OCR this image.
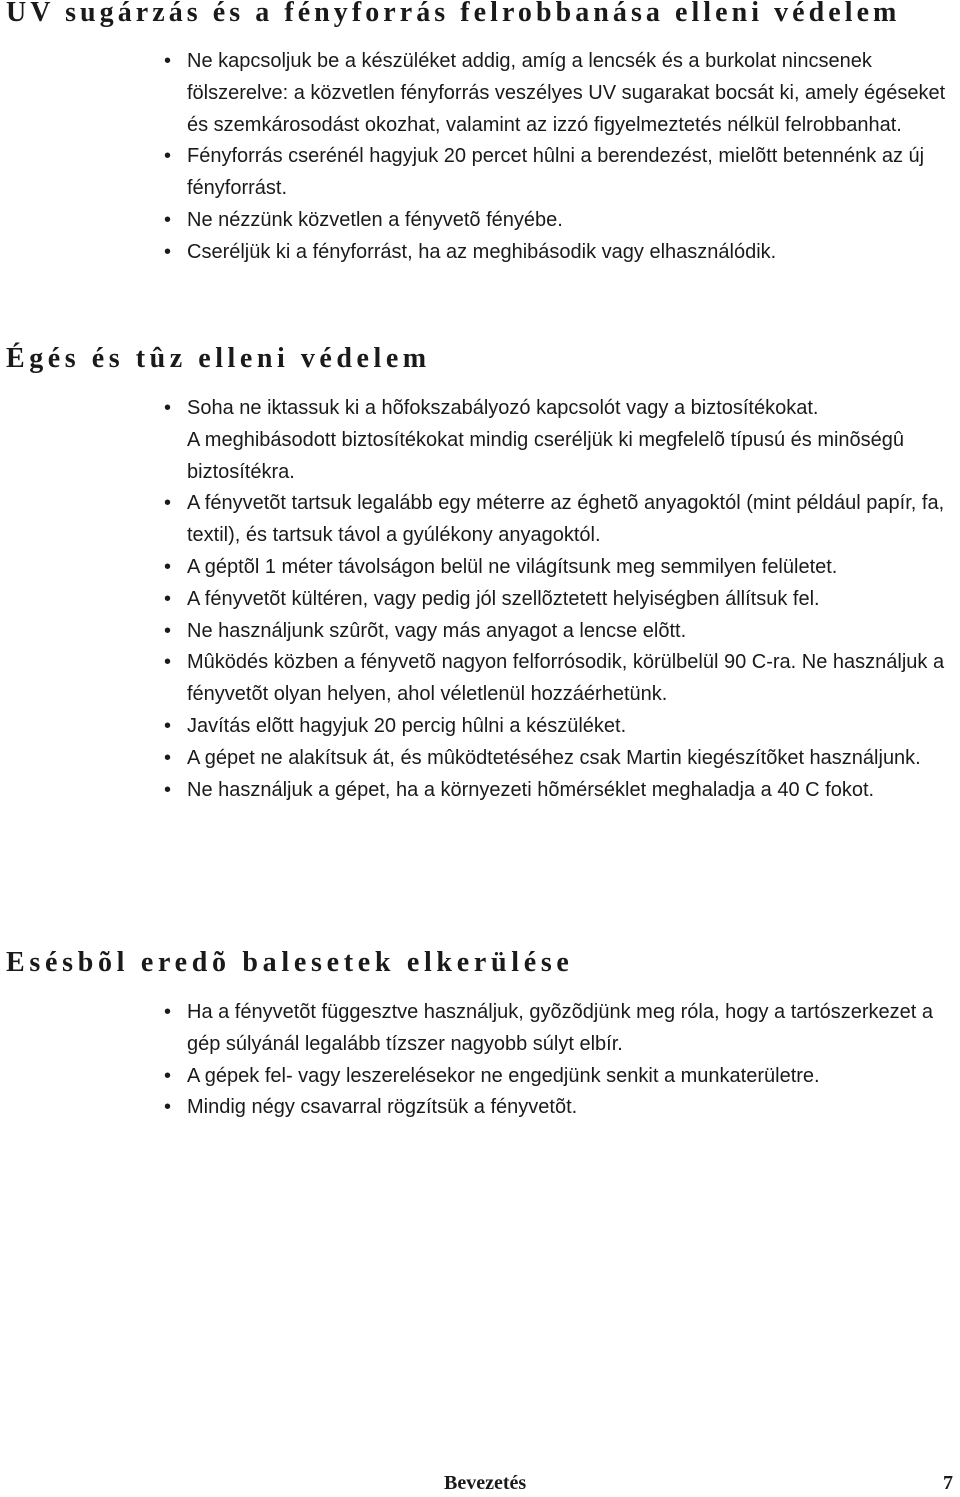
UV sugárzás és a fényforrás felrobbanása elleni védelem
• Ne kapcsoljuk be a készüléket addig, amíg a lencsék és a burkolat nincsenek fölszerelve: a közvetlen fényforrás veszélyes UV sugarakat bocsát ki, amely égéseket és szemkárosodást okozhat, valamint az izzó figyelmeztetés nélkül felrobbanhat.
• Fényforrás cserénél hagyjuk 20 percet hûlni a berendezést, mielõtt betennénk az új fényforrást.
• Ne nézzünk közvetlen a fényvetõ fényébe.
• Cseréljük ki a fényforrást, ha az meghibásodik vagy elhasználódik.
Égés és tûz elleni védelem
• Soha ne iktassuk ki a hõfokszabályozó kapcsolót vagy a biztosítékokat.
A meghibásodott biztosítékokat mindig cseréljük ki megfelelõ típusú és minõségû biztosítékra.
• A fényvetõt tartsuk legalább egy méterre az éghetõ anyagoktól (mint például papír, fa, textil), és tartsuk távol a gyúlékony anyagoktól.
• A géptõl 1 méter távolságon belül ne világítsunk meg semmilyen felületet.
• A fényvetõt kültéren, vagy pedig jól szellõztetett helyiségben állítsuk fel.
• Ne használjunk szûrõt, vagy más anyagot a lencse elõtt.
• Mûködés közben a fényvetõ nagyon felforrósodik, körülbelül 90 C-ra. Ne használjuk a fényvetõt olyan helyen, ahol véletlenül hozzáérhetünk.
• Javítás elõtt hagyjuk 20 percig hûlni a készüléket.
• A gépet ne alakítsuk át, és mûködtetéséhez csak Martin kiegészítõket használjunk.
• Ne használjuk a gépet, ha a környezeti hõmérséklet meghaladja a 40 C fokot.
Esésbõl eredõ balesetek elkerülése
• Ha a fényvetõt függesztve használjuk, gyõzõdjünk meg róla, hogy a tartószerkezet a gép súlyánál legalább tízszer nagyobb súlyt elbír.
• A gépek fel- vagy leszerelésekor ne engedjünk senkit a munkaterületre.
• Mindig négy csavarral rögzítsük a fényvetõt.
Bevezetés	7
